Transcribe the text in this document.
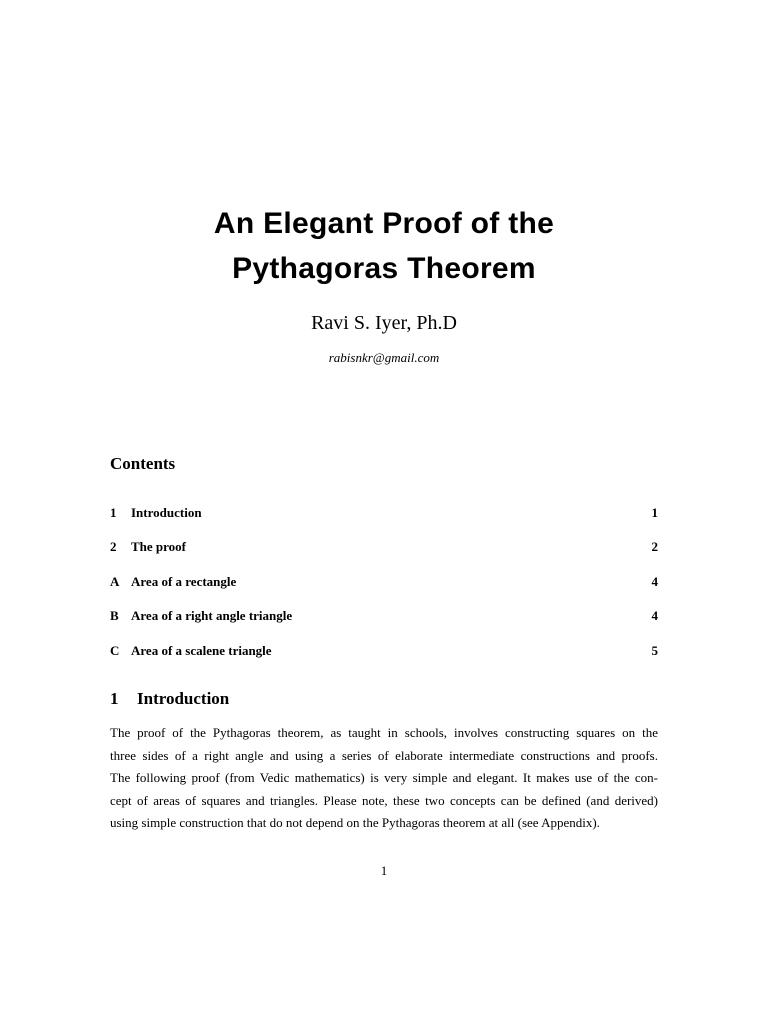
An Elegant Proof of the
Pythagoras Theorem
Ravi S. Iyer, Ph.D
rabisnkr@gmail.com
Contents
1 Introduction	1
2 The proof	2
A Area of a rectangle	4
B Area of a right angle triangle	4
C Area of a scalene triangle	5
1 Introduction
The proof of the Pythagoras theorem, as taught in schools, involves constructing squares on the
three sides of a right angle and using a series of elaborate intermediate constructions and proofs.
The following proof (from Vedic mathematics) is very simple and elegant. It makes use of the con-
cept of areas of squares and triangles. Please note, these two concepts can be defined (and derived)
using simple construction that do not depend on the Pythagoras theorem at all (see Appendix).
1
